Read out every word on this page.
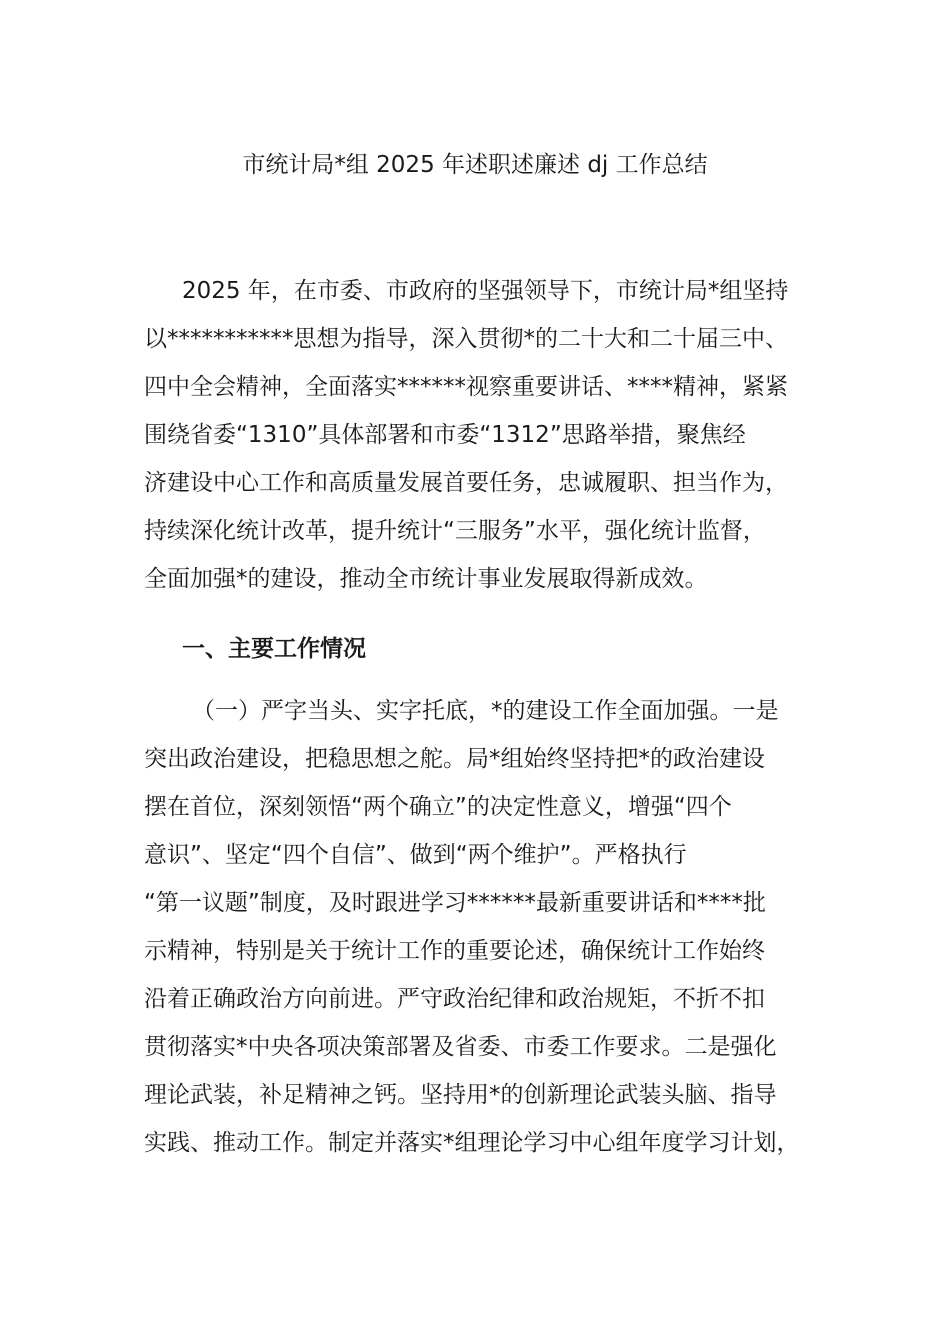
市统计局*组 2025 年述职述廉述 dj 工作总结
2025 年，在市委、市政府的坚强领导下，市统计局*组坚持
以***********思想为指导，深入贯彻*的二十大和二十届三中、
四中全会精神，全面落实******视察重要讲话、****精神，紧紧
围绕省委“1310”具体部署和市委“1312”思路举措，聚焦经
济建设中心工作和高质量发展首要任务，忠诚履职、担当作为，
持续深化统计改革，提升统计“三服务”水平，强化统计监督，
全面加强*的建设，推动全市统计事业发展取得新成效。
一、主要工作情况
（一）严字当头、实字托底，*的建设工作全面加强。一是
突出政治建设，把稳思想之舵。局*组始终坚持把*的政治建设
摆在首位，深刻领悟“两个确立”的决定性意义，增强“四个
意识”、坚定“四个自信”、做到“两个维护”。严格执行
“第一议题”制度，及时跟进学习******最新重要讲话和****批
示精神，特别是关于统计工作的重要论述，确保统计工作始终
沿着正确政治方向前进。严守政治纪律和政治规矩，不折不扣
贯彻落实*中央各项决策部署及省委、市委工作要求。二是强化
理论武装，补足精神之钙。坚持用*的创新理论武装头脑、指导
实践、推动工作。制定并落实*组理论学习中心组年度学习计划，
